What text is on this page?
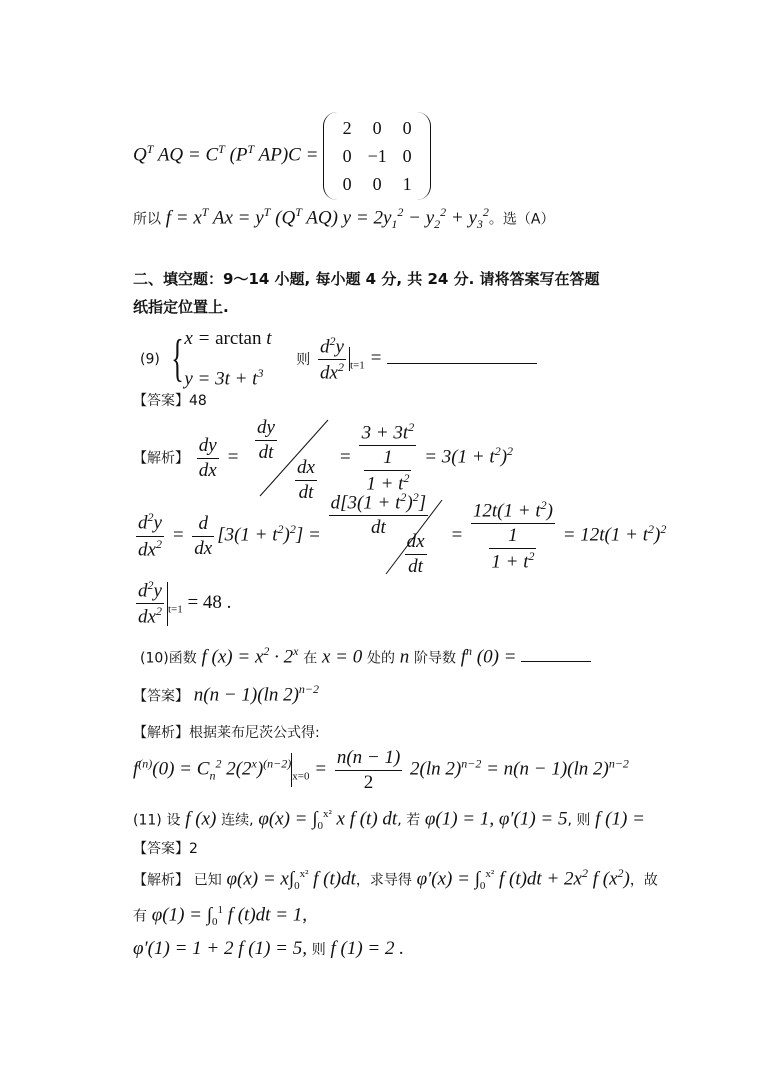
$Q^T$ AQ = $C^T$ ($P^T$ AP)C =
2	0	0
0	−1	0
0	0	1
所以 $f = x^T$ $Ax = y^T$ ($Q^T$ AQ) $y = 2y_1^2 - y_2^2 + y_3^2$。选（A）
二、填空题：9～14 小题, 每小题 4 分, 共 24 分. 请将答案写在答题
纸指定位置上.
(9) { x = arctan t
$y = 3t + t^3$ 则 $\frac{d^2y}{dx^2} _{t=1}$ =
【答案】48
【解析】 $\frac{dy}{dx} = \frac{dy}{dt}$
$\frac{dx}{dt} = \frac{3 + 3t^2}{\frac{1}{1 + t^2}} = 3(1 + t^2)^2$
$\frac{d^2y}{dx^2} = \frac{d}{dx} [3(1 + t^2)^2] = \frac{d[3(1 + t^2)^2]}{dt}$
$\frac{dx}{dt} = \frac{12t(1 + t^2)}{\frac{1}{1 + t^2}} = 12t(1 + t^2)^2$
$\frac{d^2y}{dx^2} _{t=1} = 48$ .
(10)函数 f $(x) = x^2 \cdot 2^x$ 在 x = 0 处的 n 阶导数 $f^n$ (0) =
【答案】 n(n − 1)(ln 2)$^{n-2}$
【解析】根据莱布尼茨公式得:
$f^{(n)}(0) = C_n^2$ $2(2^x)^{(n-2)}_{x=0} = \frac{n(n - 1)}{2} 2(\ln$ 2)$^{n-2}$ = n(n − 1)(ln 2)$^{n-2}$
(11) 设 f (x) 连续, $\varphi(x) = \int_0^{x^2}$ x f (t) dt, 若 φ(1) = 1, φ′(1) = 5, 则 f (1) =
【答案】2
【解析】 已知 $\varphi(x) = x\int_0^{x^2}$ f (t)dt，求导得 $\varphi'(x) = \int_0^{x^2}$ f $(t)dt + 2x^2$ f $(x^2)$，故
有 $\varphi(1) = \int_0^1$ f (t)dt = 1,
φ′(1) = 1 + 2 f (1) = 5, 则 f (1) = 2 .
